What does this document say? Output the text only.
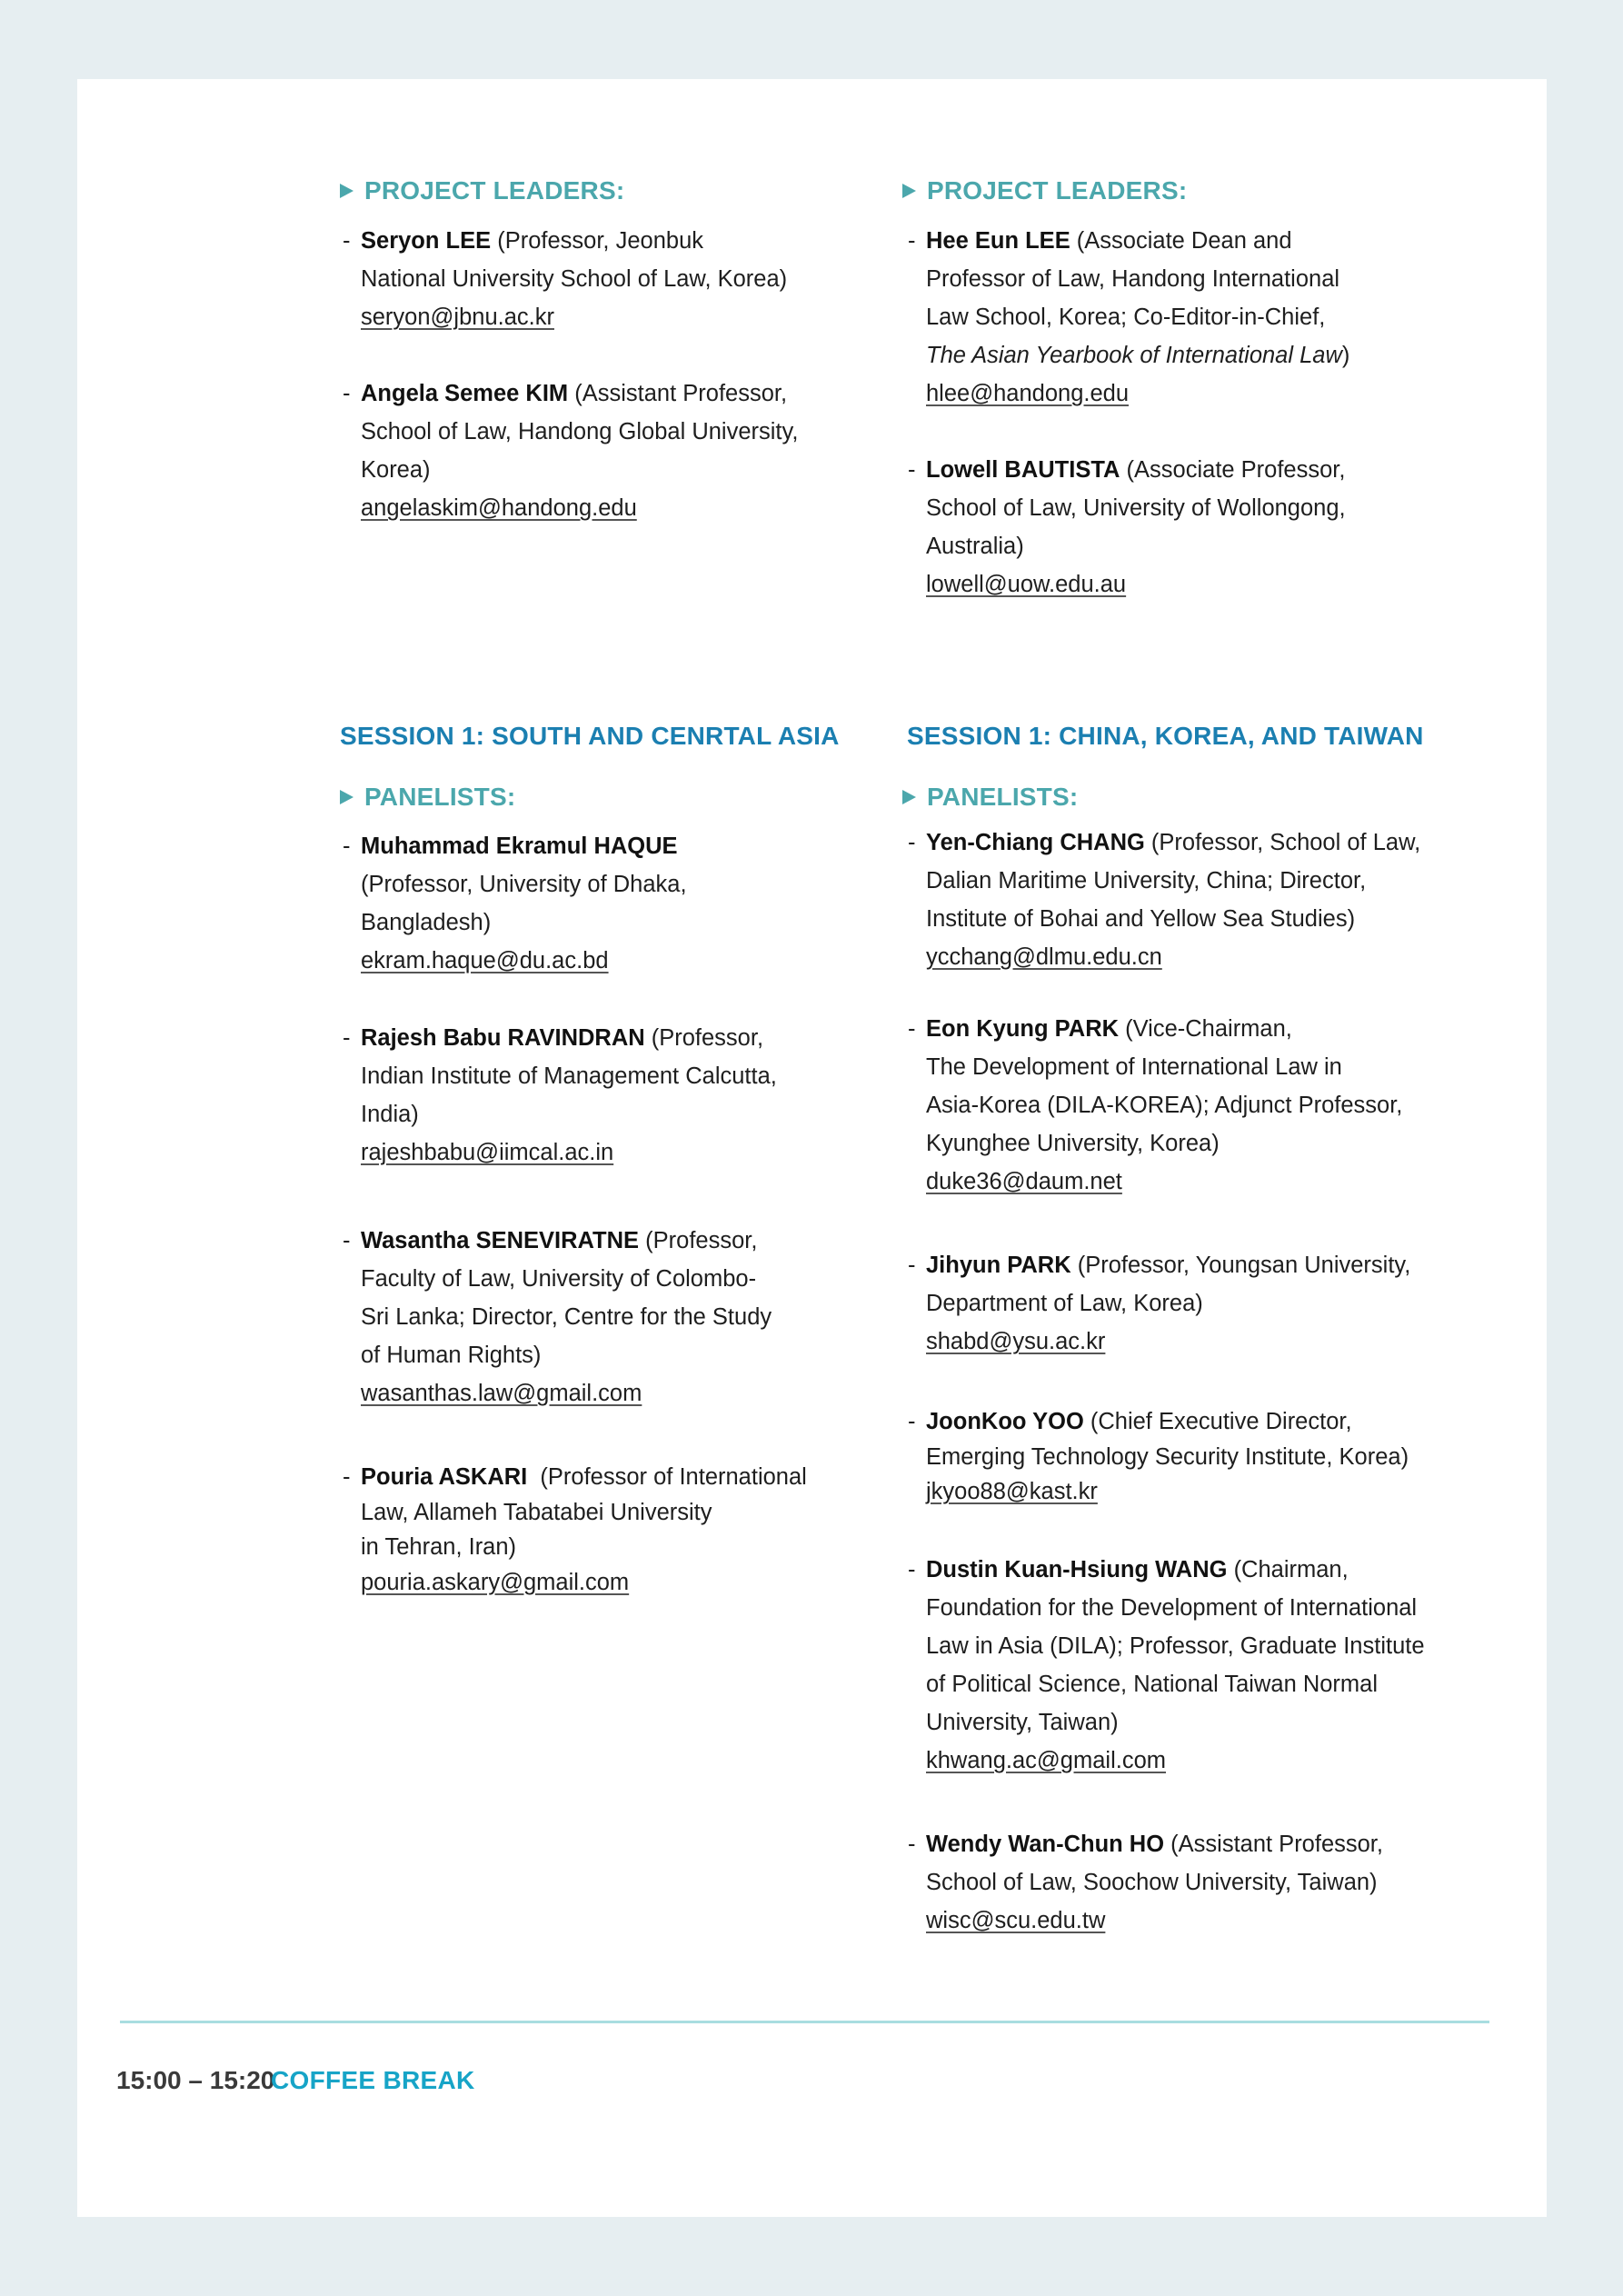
PROJECT LEADERS:
- Seryon LEE (Professor, Jeonbuk
National University School of Law, Korea)
seryon@jbnu.ac.kr
- Angela Semee KIM (Assistant Professor,
School of Law, Handong Global University,
Korea)
angelaskim@handong.edu
PROJECT LEADERS:
- Hee Eun LEE (Associate Dean and
Professor of Law, Handong International
Law School, Korea; Co-Editor-in-Chief,
The Asian Yearbook of International Law)
hlee@handong.edu
- Lowell BAUTISTA (Associate Professor,
School of Law, University of Wollongong,
Australia)
lowell@uow.edu.au
SESSION 1: SOUTH AND CENRTAL ASIA
PANELISTS:
- Muhammad Ekramul HAQUE
(Professor, University of Dhaka,
Bangladesh)
ekram.haque@du.ac.bd
- Rajesh Babu RAVINDRAN (Professor,
Indian Institute of Management Calcutta,
India)
rajeshbabu@iimcal.ac.in
- Wasantha SENEVIRATNE (Professor,
Faculty of Law, University of Colombo-
Sri Lanka; Director, Centre for the Study
of Human Rights)
wasanthas.law@gmail.com
- Pouria ASKARI  (Professor of International
Law, Allameh Tabatabei University
in Tehran, Iran)
pouria.askary@gmail.com
SESSION 1: CHINA, KOREA, AND TAIWAN
PANELISTS:
- Yen-Chiang CHANG (Professor, School of Law,
Dalian Maritime University, China; Director,
Institute of Bohai and Yellow Sea Studies)
ycchang@dlmu.edu.cn
- Eon Kyung PARK (Vice-Chairman,
The Development of International Law in
Asia-Korea (DILA-KOREA); Adjunct Professor,
Kyunghee University, Korea)
duke36@daum.net
- Jihyun PARK (Professor, Youngsan University,
Department of Law, Korea)
shabd@ysu.ac.kr
- JoonKoo YOO (Chief Executive Director,
Emerging Technology Security Institute, Korea)
jkyoo88@kast.kr
- Dustin Kuan-Hsiung WANG (Chairman,
Foundation for the Development of International
Law in Asia (DILA); Professor, Graduate Institute
of Political Science, National Taiwan Normal
University, Taiwan)
khwang.ac@gmail.com
- Wendy Wan-Chun HO (Assistant Professor,
School of Law, Soochow University, Taiwan)
wisc@scu.edu.tw
15:00 – 15:20
COFFEE BREAK
